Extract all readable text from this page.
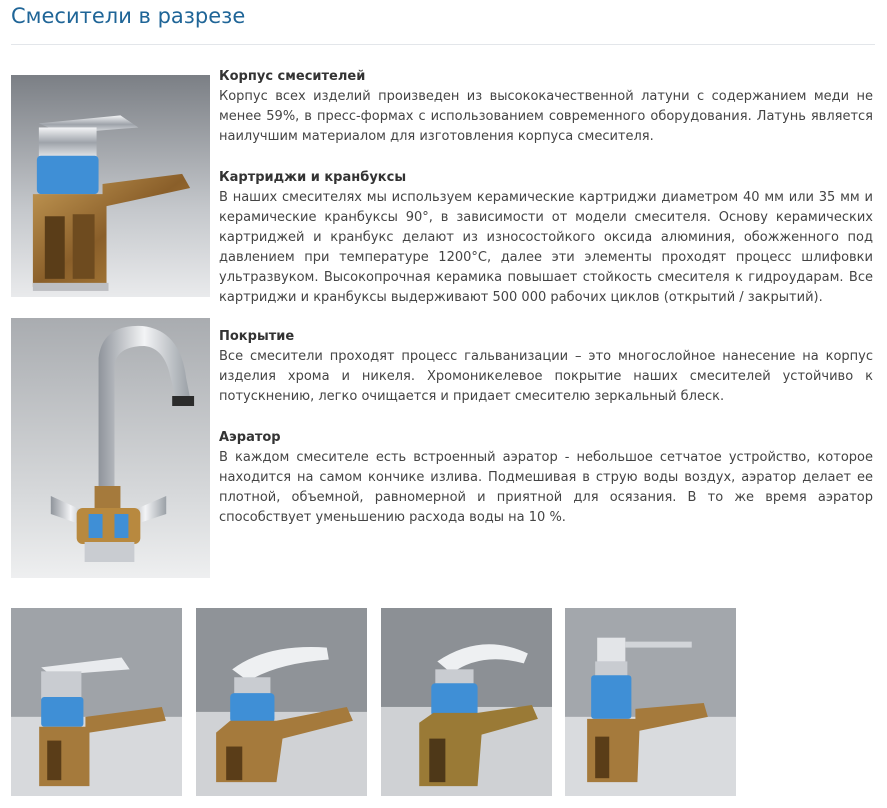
Смесители в разрезе
Корпус смесителей

Корпус всех изделий произведен из высококачественной латуни с содержанием меди не менее 59%, в пресс-формах с использованием современного оборудования. Латунь является наилучшим материалом для изготовления корпуса смесителя.

Картриджи и кранбуксы

В наших смесителях мы используем керамические картриджи диаметром 40 мм или 35 мм и керамические кранбуксы 90°, в зависимости от модели смесителя. Основу керамических картриджей и кранбукс делают из износостойкого оксида алюминия, обожженного под давлением при температуре 1200°C, далее эти элементы проходят процесс шлифовки ультразвуком. Высокопрочная керамика повышает стойкость смесителя к гидроударам. Все картриджи и кранбуксы выдерживают 500 000 рабочих циклов (открытий / закрытий).

Покрытие

Все смесители проходят процесс гальванизации – это многослойное нанесение на корпус изделия хрома и никеля. Хромоникелевое покрытие наших смесителей устойчиво к потускнению, легко очищается и придает смесителю зеркальный блеск.

Аэратор

В каждом смесителе есть встроенный аэратор - небольшое сетчатое устройство, которое находится на самом кончике излива. Подмешивая в струю воды воздух, аэратор делает ее плотной, объемной, равномерной и приятной для осязания. В то же время аэратор способствует уменьшению расхода воды на 10 %.
